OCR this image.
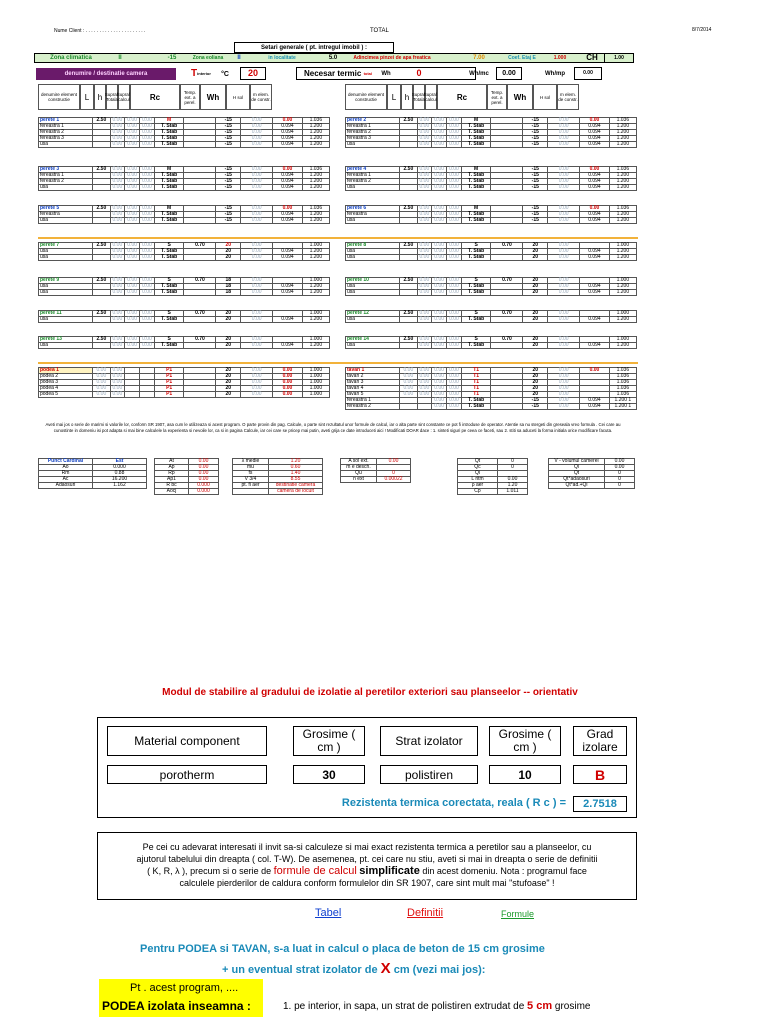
Nume Client : . . . . . . . . . . . . . . . . . . . . . .	TOTAL	8/7/2014
Setari generale ( pt. intregul imobil ) :
Zona climatica	II	-15	Zona eoliana	II	in localitate	5.0	Adincimea pinzei de apa freatica	7.00	Coef. Etaj E	1.000	CH	1.00
denumire / destinatie camera	T interior	°C	20	Necesar termic
total	Wh	0	Wh/mc	0.00	Wh/mp	0.00
denumire element constructie	L	h Supraf. Totala
Supraf. calcul	Rc
Temp. ext. a perel.
Wh	H sol	m elem. de constr.
denumire element constructie	L	h Supraf. Totala
Supraf. calcul	Rc
Temp. ext. a perel.
Wh	H sol	m elem. de constr.
perete 1	2.50	0.00	0.00	0.00	M		-15	0.00	0.00	1.036
fereastra 1		0.00	0.00	0.00	T. Stab		-15	0.00	0.094	1.200
fereastra 2		0.00	0.00	0.00	T. Stab		-15	0.00	0.094	1.200
fereastra 3		0.00	0.00	0.00	T. Stab		-15	0.00	0.094	1.200
usa		0.00	0.00	0.00	T. Stab		-15	0.00	0.094	1.200
perete 3	2.50	0.00	0.00	0.00	M		-15	0.00	0.00	1.036
fereastra 1		0.00	0.00	0.00	T. Stab		-15	0.00	0.094	1.200
fereastra 2		0.00	0.00	0.00	T. Stab		-15	0.00	0.094	1.200
usa		0.00	0.00	0.00	T. Stab		-15	0.00	0.094	1.200
perete 5	2.50	0.00	0.00	0.00	M		-15	0.00	0.00	1.036
fereastra		0.00	0.00	0.00	T. Stab		-15	0.00	0.094	1.200
usa		0.00	0.00	0.00	T. Stab		-15	0.00	0.094	1.200
perete 7	2.50	0.00	0.00	0.00	S	0.70	20	0.00		1.000
usa		0.00	0.00	0.00	T. Stab		20	0.00	0.094	1.200
usa		0.00	0.00	0.00	T. Stab		20	0.00	0.094	1.200
perete 9	2.50	0.00	0.00	0.00	S	0.70	18	0.00		1.000
usa		0.00	0.00	0.00	T. Stab		18	0.00	0.094	1.200
usa		0.00	0.00	0.00	T. Stab		18	0.00	0.094	1.200
perete 11	2.50	0.00	0.00	0.00	S	0.70	20	0.00		1.000
usa		0.00	0.00	0.00	T. Stab		20	0.00	0.094	1.200
perete 13	2.50	0.00	0.00	0.00	S	0.70	20	0.00		1.000
usa		0.00	0.00	0.00	T. Stab		20	0.00	0.094	1.200
perete 2	2.50	0.00	0.00	0.00	M		-15	0.00	0.00	1.036
fereastra 1		0.00	0.00	0.00	T. Stab		-15	0.00	0.094	1.200
fereastra 2		0.00	0.00	0.00	T. Stab		-15	0.00	0.094	1.200
fereastra 3		0.00	0.00	0.00	T. Stab		-15	0.00	0.094	1.200
usa		0.00	0.00	0.00	T. Stab		-15	0.00	0.094	1.200
perete 4	2.50	0.00	0.00	0.00	M		-15	0.00	0.00	1.036
fereastra 1		0.00	0.00	0.00	T. Stab		-15	0.00	0.094	1.200
fereastra 2		0.00	0.00	0.00	T. Stab		-15	0.00	0.094	1.200
usa		0.00	0.00	0.00	T. Stab		-15	0.00	0.094	1.200
perete 6	2.50	0.00	0.00	0.00	M		-15	0.00	0.00	1.036
fereastra		0.00	0.00	0.00	T. Stab		-15	0.00	0.094	1.200
usa		0.00	0.00	0.00	T. Stab		-15	0.00	0.094	1.200
perete 8	2.50	0.00	0.00	0.00	S	0.70	20	0.00		1.000
usa		0.00	0.00	0.00	T. Stab		20	0.00	0.094	1.200
usa		0.00	0.00	0.00	T. Stab		20	0.00	0.094	1.200
perete 10	2.50	0.00	0.00	0.00	S	0.70	20	0.00		1.000
usa		0.00	0.00	0.00	T. Stab		20	0.00	0.094	1.200
usa		0.00	0.00	0.00	T. Stab		20	0.00	0.094	1.200
perete 12	2.50	0.00	0.00	0.00	S	0.70	20	0.00		1.000
usa		0.00	0.00	0.00	T. Stab		20	0.00	0.094	1.200
perete 14	2.50	0.00	0.00	0.00	S	0.70	20	0.00		1.000
usa		0.00	0.00	0.00	T. Stab		20	0.00	0.094	1.200
podea 1	0.00	0.00			P1		20	0.00	0.00	1.000
podea 2	0.00	0.00			P1		20	0.00	0.00	1.000
podea 3	0.00	0.00			P1		20	0.00	0.00	1.000
podea 4	0.00	0.00			P1		20	0.00	0.00	1.000
podea 5	0.00	0.00			P1		20	0.00	0.00	1.000
tavan 1	0.00	0.00	0.00	0.00	T1		20	0.00	0.00	1.036
tavan 2	0.00	0.00	0.00	0.00	T1		20	0.00		1.036
tavan 3	0.00	0.00	0.00	0.00	T1		20	0.00		1.036
tavan 4	0.00	0.00	0.00	0.00	T1		20	0.00		1.036
tavan 5	0.00	0.00	0.00	0.00	T1		20	0.00		1.036
fereastra 1			0.00	0.00	T. Stab		-15	0.00	0.094	1.200 1
fereastra 2			0.00	0.00	T. Stab		-15	0.00	0.094	1.200 1
Aveti mai jos o serie de marimi si valorile lor, conform SR 1907, asa cum le utilizeaza si acest program. O parte provin din pag. Calcule, o parte sint rezultatul unor formule de calcul, iar o alta parte sint constante ce pot fi introduse de operator. Atentie sa nu stergeti din greseala vreo formula . Cei care au cunostinte in domeniu isi pot adapta si mai bine calculele la experienta si nevoile lor, ca si in pagina Calcule, iar cei care se pricep mai putin, aveti grija ce date introduceti aici ! Modificati DOAR dace : 1. sinteti siguri pe ceea ce faceti, sau 2. stiti sa aduceti la forma initiala orice modificare facuta.
Punct Cardinal	Est
Ao	0.000
Rm	0.88
Ac	16.200
Adaosuri	1.162
At	0.00
Ap	0.00
Rp	0.00
Ap1	0.00
R bc	0.000
Aocj	0.000
λ medie	1.20
mu	0.60
fs	1.40
V 3/4	8.55
pt. fi aer	destinatie camera
	camera de locuit
A sol ext.	0.00
m e desch.	
Qu	0
n ext	0.00022
Qt	0
Qc	0
Qi	
L ritm	0.00
ρ aer	1.20
Cp	1.011
V - volumul camerei	0.00
Qi	0.00
Qt	0
Qt*adaosuri	0
Qt*ad.+Qi	0
Modul de stabilire al gradului de izolatie al peretilor exteriori sau planseelor -- orientativ
Material component	Grosime ( cm )	Strat izolator	Grosime ( cm )
Grad izolare
porotherm	30	polistiren	10	B
Rezistenta termica corectata, reala ( R c ) =	2.7518
Pe cei cu adevarat interesati il invit sa-si calculeze si mai exact rezistenta termica a peretilor sau a planseelor, cu
ajutorul tabelului din dreapta ( col. T-W). De asemenea, pt. cei care nu stiu, aveti si mai in dreapta o serie de definitii
( K, R, λ ), precum si o serie de formule de calcul simplificate din acest domeniu. Nota : programul face
calculele pierderilor de caldura conform formulelor din SR 1907, care sint mult mai "stufoase" !
Tabel	Definitii	Formule
Pentru PODEA si TAVAN, s-a luat in calcul o placa de beton de 15 cm grosime
+ un eventual strat izolator de X cm (vezi mai jos):
Pt . acest program, ....
PODEA izolata inseamna :	1. pe interior, in sapa, un strat de polistiren extrudat de 5 cm grosime
